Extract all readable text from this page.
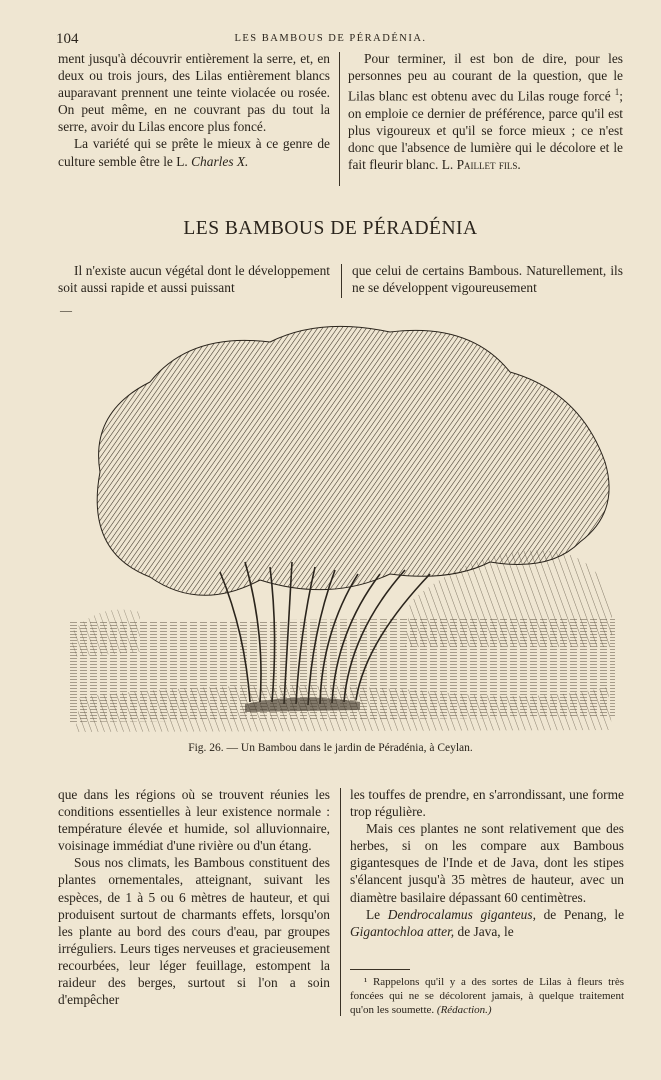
104	LES BAMBOUS DE PÉRADÉNIA.

ment jusqu'à découvrir entièrement la serre, et, en deux ou trois jours, des Lilas entièrement blancs auparavant prennent une teinte violacée ou rosée. On peut même, en ne couvrant pas du tout la serre, avoir du Lilas encore plus foncé.

La variété qui se prête le mieux à ce genre de culture semble être le L. Charles X.

Pour terminer, il est bon de dire, pour les personnes peu au courant de la question, que le Lilas blanc est obtenu avec du Lilas rouge forcé $^1$; on emploie ce dernier de préférence, parce qu'il est plus vigoureux et qu'il se force mieux ; ce n'est donc que l'absence de lumière qui le décolore et le fait fleurir blanc. L. Paillet fils.

LES BAMBOUS DE PÉRADÉNIA

Il n'existe aucun végétal dont le développement soit aussi rapide et aussi puissant

que celui de certains Bambous. Naturellement, ils ne se développent vigoureusement

—
Fig. 26. — Un Bambou dans le jardin de Péradénia, à Ceylan.

que dans les régions où se trouvent réunies les conditions essentielles à leur existence normale : température élevée et humide, sol alluvionnaire, voisinage immédiat d'une rivière ou d'un étang.

Sous nos climats, les Bambous constituent des plantes ornementales, atteignant, suivant les espèces, de 1 à 5 ou 6 mètres de hauteur, et qui produisent surtout de charmants effets, lorsqu'on les plante au bord des cours d'eau, par groupes irréguliers. Leurs tiges nerveuses et gracieusement recourbées, leur léger feuillage, estompent la raideur des berges, surtout si l'on a soin d'empêcher

les touffes de prendre, en s'arrondissant, une forme trop régulière.

Mais ces plantes ne sont relativement que des herbes, si on les compare aux Bambous gigantesques de l'Inde et de Java, dont les stipes s'élancent jusqu'à 35 mètres de hauteur, avec un diamètre basilaire dépassant 60 centimètres.

Le Dendrocalamus giganteus, de Penang, le Gigantochloa atter, de Java, le

¹ Rappelons qu'il y a des sortes de Lilas à fleurs très foncées qui ne se décolorent jamais, à quelque traitement qu'on les soumette. (Rédaction.)
